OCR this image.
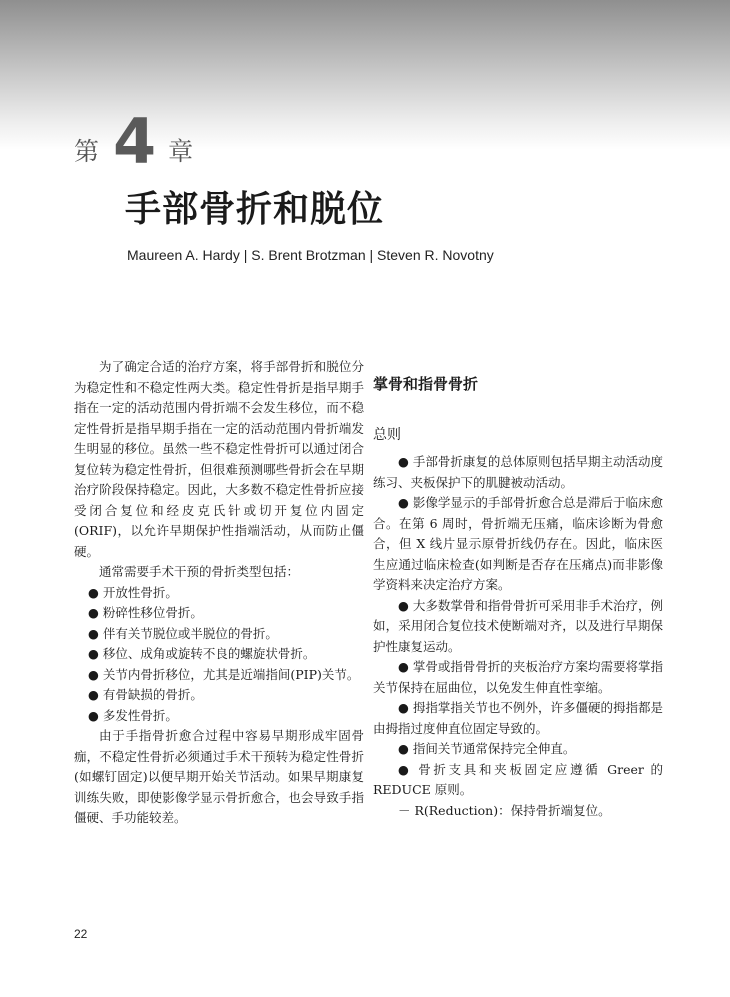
第 4 章
手部骨折和脱位
Maureen A. Hardy | S. Brent Brotzman | Steven R. Novotny

为了确定合适的治疗方案，将手部骨折和脱位分为稳定性和不稳定性两大类。稳定性骨折是指早期手指在一定的活动范围内骨折端不会发生移位，而不稳定性骨折是指早期手指在一定的活动范围内骨折端发生明显的移位。虽然一些不稳定性骨折可以通过闭合复位转为稳定性骨折，但很难预测哪些骨折会在早期治疗阶段保持稳定。因此，大多数不稳定性骨折应接受闭合复位和经皮克氏针或切开复位内固定(ORIF)，以允许早期保护性指端活动，从而防止僵硬。

通常需要手术干预的骨折类型包括：

● 开放性骨折。

● 粉碎性移位骨折。

● 伴有关节脱位或半脱位的骨折。

● 移位、成角或旋转不良的螺旋状骨折。

● 关节内骨折移位，尤其是近端指间(PIP)关节。

● 有骨缺损的骨折。

● 多发性骨折。

由于手指骨折愈合过程中容易早期形成牢固骨痂，不稳定性骨折必须通过手术干预转为稳定性骨折(如螺钉固定)以便早期开始关节活动。如果早期康复训练失败，即使影像学显示骨折愈合，也会导致手指僵硬、手功能较差。

掌骨和指骨骨折
总则

● 手部骨折康复的总体原则包括早期主动活动度练习、夹板保护下的肌腱被动活动。

● 影像学显示的手部骨折愈合总是滞后于临床愈合。在第 6 周时，骨折端无压痛，临床诊断为骨愈合，但 X 线片显示原骨折线仍存在。因此，临床医生应通过临床检查(如判断是否存在压痛点)而非影像学资料来决定治疗方案。

● 大多数掌骨和指骨骨折可采用非手术治疗，例如，采用闭合复位技术使断端对齐，以及进行早期保护性康复运动。

● 掌骨或指骨骨折的夹板治疗方案均需要将掌指关节保持在屈曲位，以免发生伸直性挛缩。

● 拇指掌指关节也不例外，许多僵硬的拇指都是由拇指过度伸直位固定导致的。

● 指间关节通常保持完全伸直。

● 骨折支具和夹板固定应遵循 Greer 的 REDUCE 原则。

－ R(Reduction)：保持骨折端复位。

22
